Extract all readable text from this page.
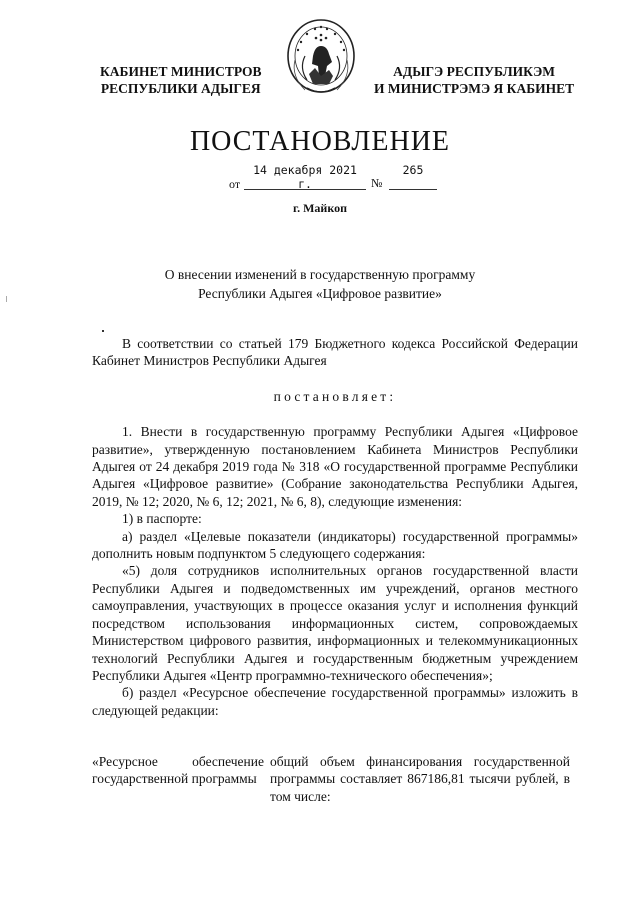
КАБИНЕТ МИНИСТРОВ
РЕСПУБЛИКИ АДЫГЕЯ
АДЫГЭ РЕСПУБЛИКЭМ
И МИНИСТРЭМЭ Я КАБИНЕТ
ПОСТАНОВЛЕНИЕ
от
14 декабря 2021 г.	№
265
г. Майкоп
О внесении изменений в государственную программу
Республики Адыгея «Цифровое развитие»

В соответствии со статьей 179 Бюджетного кодекса Российской Федерации Кабинет Министров Республики Адыгея

постановляет:

1. Внести в государственную программу Республики Адыгея «Цифровое развитие», утвержденную постановлением Кабинета Министров Республики Адыгея от 24 декабря 2019 года № 318 «О государственной программе Республики Адыгея «Цифровое развитие» (Собрание законодательства Республики Адыгея, 2019, № 12; 2020, № 6, 12; 2021, № 6, 8), следующие изменения:

1) в паспорте:

а) раздел «Целевые показатели (индикаторы) государственной программы» дополнить новым подпунктом 5 следующего содержания:

«5) доля сотрудников исполнительных органов государственной власти Республики Адыгея и подведомственных им учреждений, органов местного самоуправления, участвующих в процессе оказания услуг и исполнения функций посредством использования информационных систем, сопровождаемых Министерством цифрового развития, информационных и телекоммуникационных технологий Республики Адыгея и государственным бюджетным учреждением Республики Адыгея «Центр программно-технического обеспечения»;

б) раздел «Ресурсное обеспечение государственной программы» изложить в следующей редакции:

«Ресурсное обеспечение государственной программы
общий объем финансирования государственной программы составляет 867186,81 тысячи рублей, в том числе:
